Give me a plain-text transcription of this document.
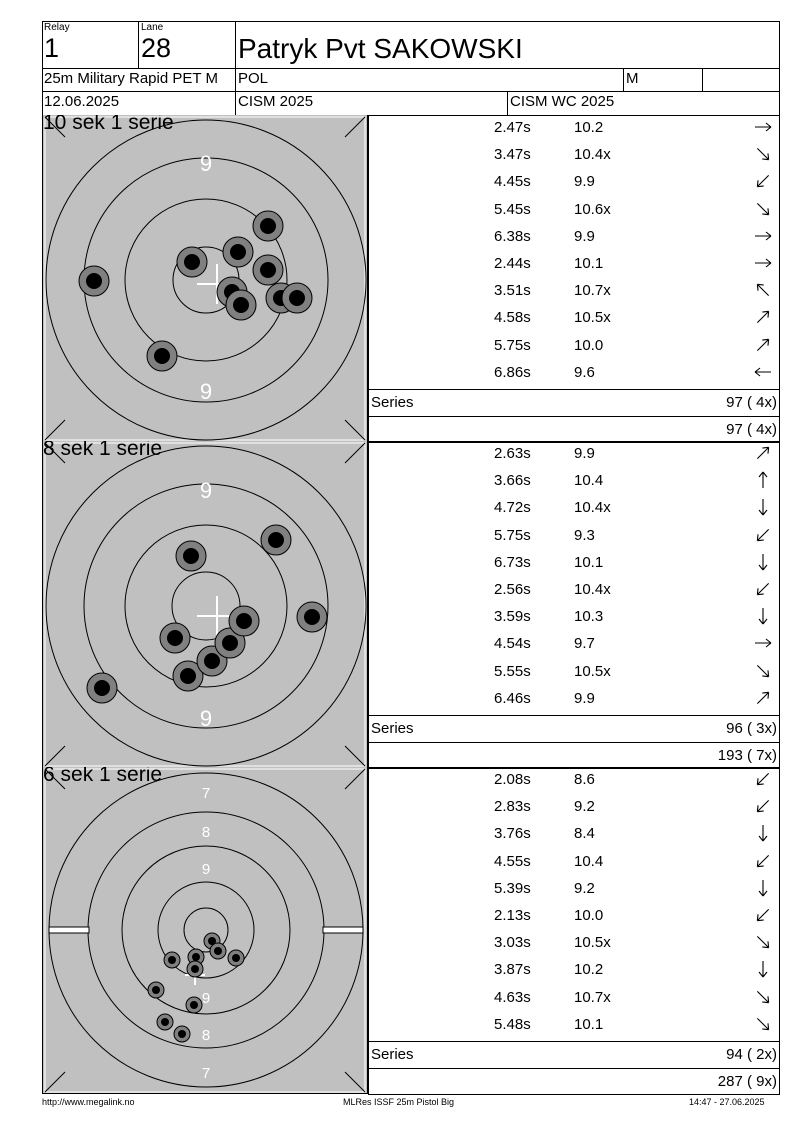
Relay
1
Lane
28 Patryk Pvt SAKOWSKI
25m Military Rapid PET M	POL	M
12.06.2025	CISM 2025	CISM WC 2025
9
9
10 sek 1 serie	2.47s	10.2
3.47s	10.4x
4.45s	9.9
5.45s	10.6x
6.38s	9.9
2.44s	10.1
3.51s	10.7x
4.58s	10.5x
5.75s	10.0
6.86s	9.6
Series	97 ( 4x)
97 ( 4x)
9
9
8 sek 1 serie	2.63s	9.9
3.66s	10.4
4.72s	10.4x
5.75s	9.3
6.73s	10.1
2.56s	10.4x
3.59s	10.3
4.54s	9.7
5.55s	10.5x
6.46s	9.9
Series	96 ( 3x)
193 ( 7x)
7
8
9
9
8
7
6 sek 1 serie	2.08s	8.6
2.83s	9.2
3.76s	8.4
4.55s	10.4
5.39s	9.2
2.13s	10.0
3.03s	10.5x
3.87s	10.2
4.63s	10.7x
5.48s	10.1
Series	94 ( 2x)
287 ( 9x)
http://www.megalink.no	MLRes ISSF 25m Pistol Big	14:47 - 27.06.2025
